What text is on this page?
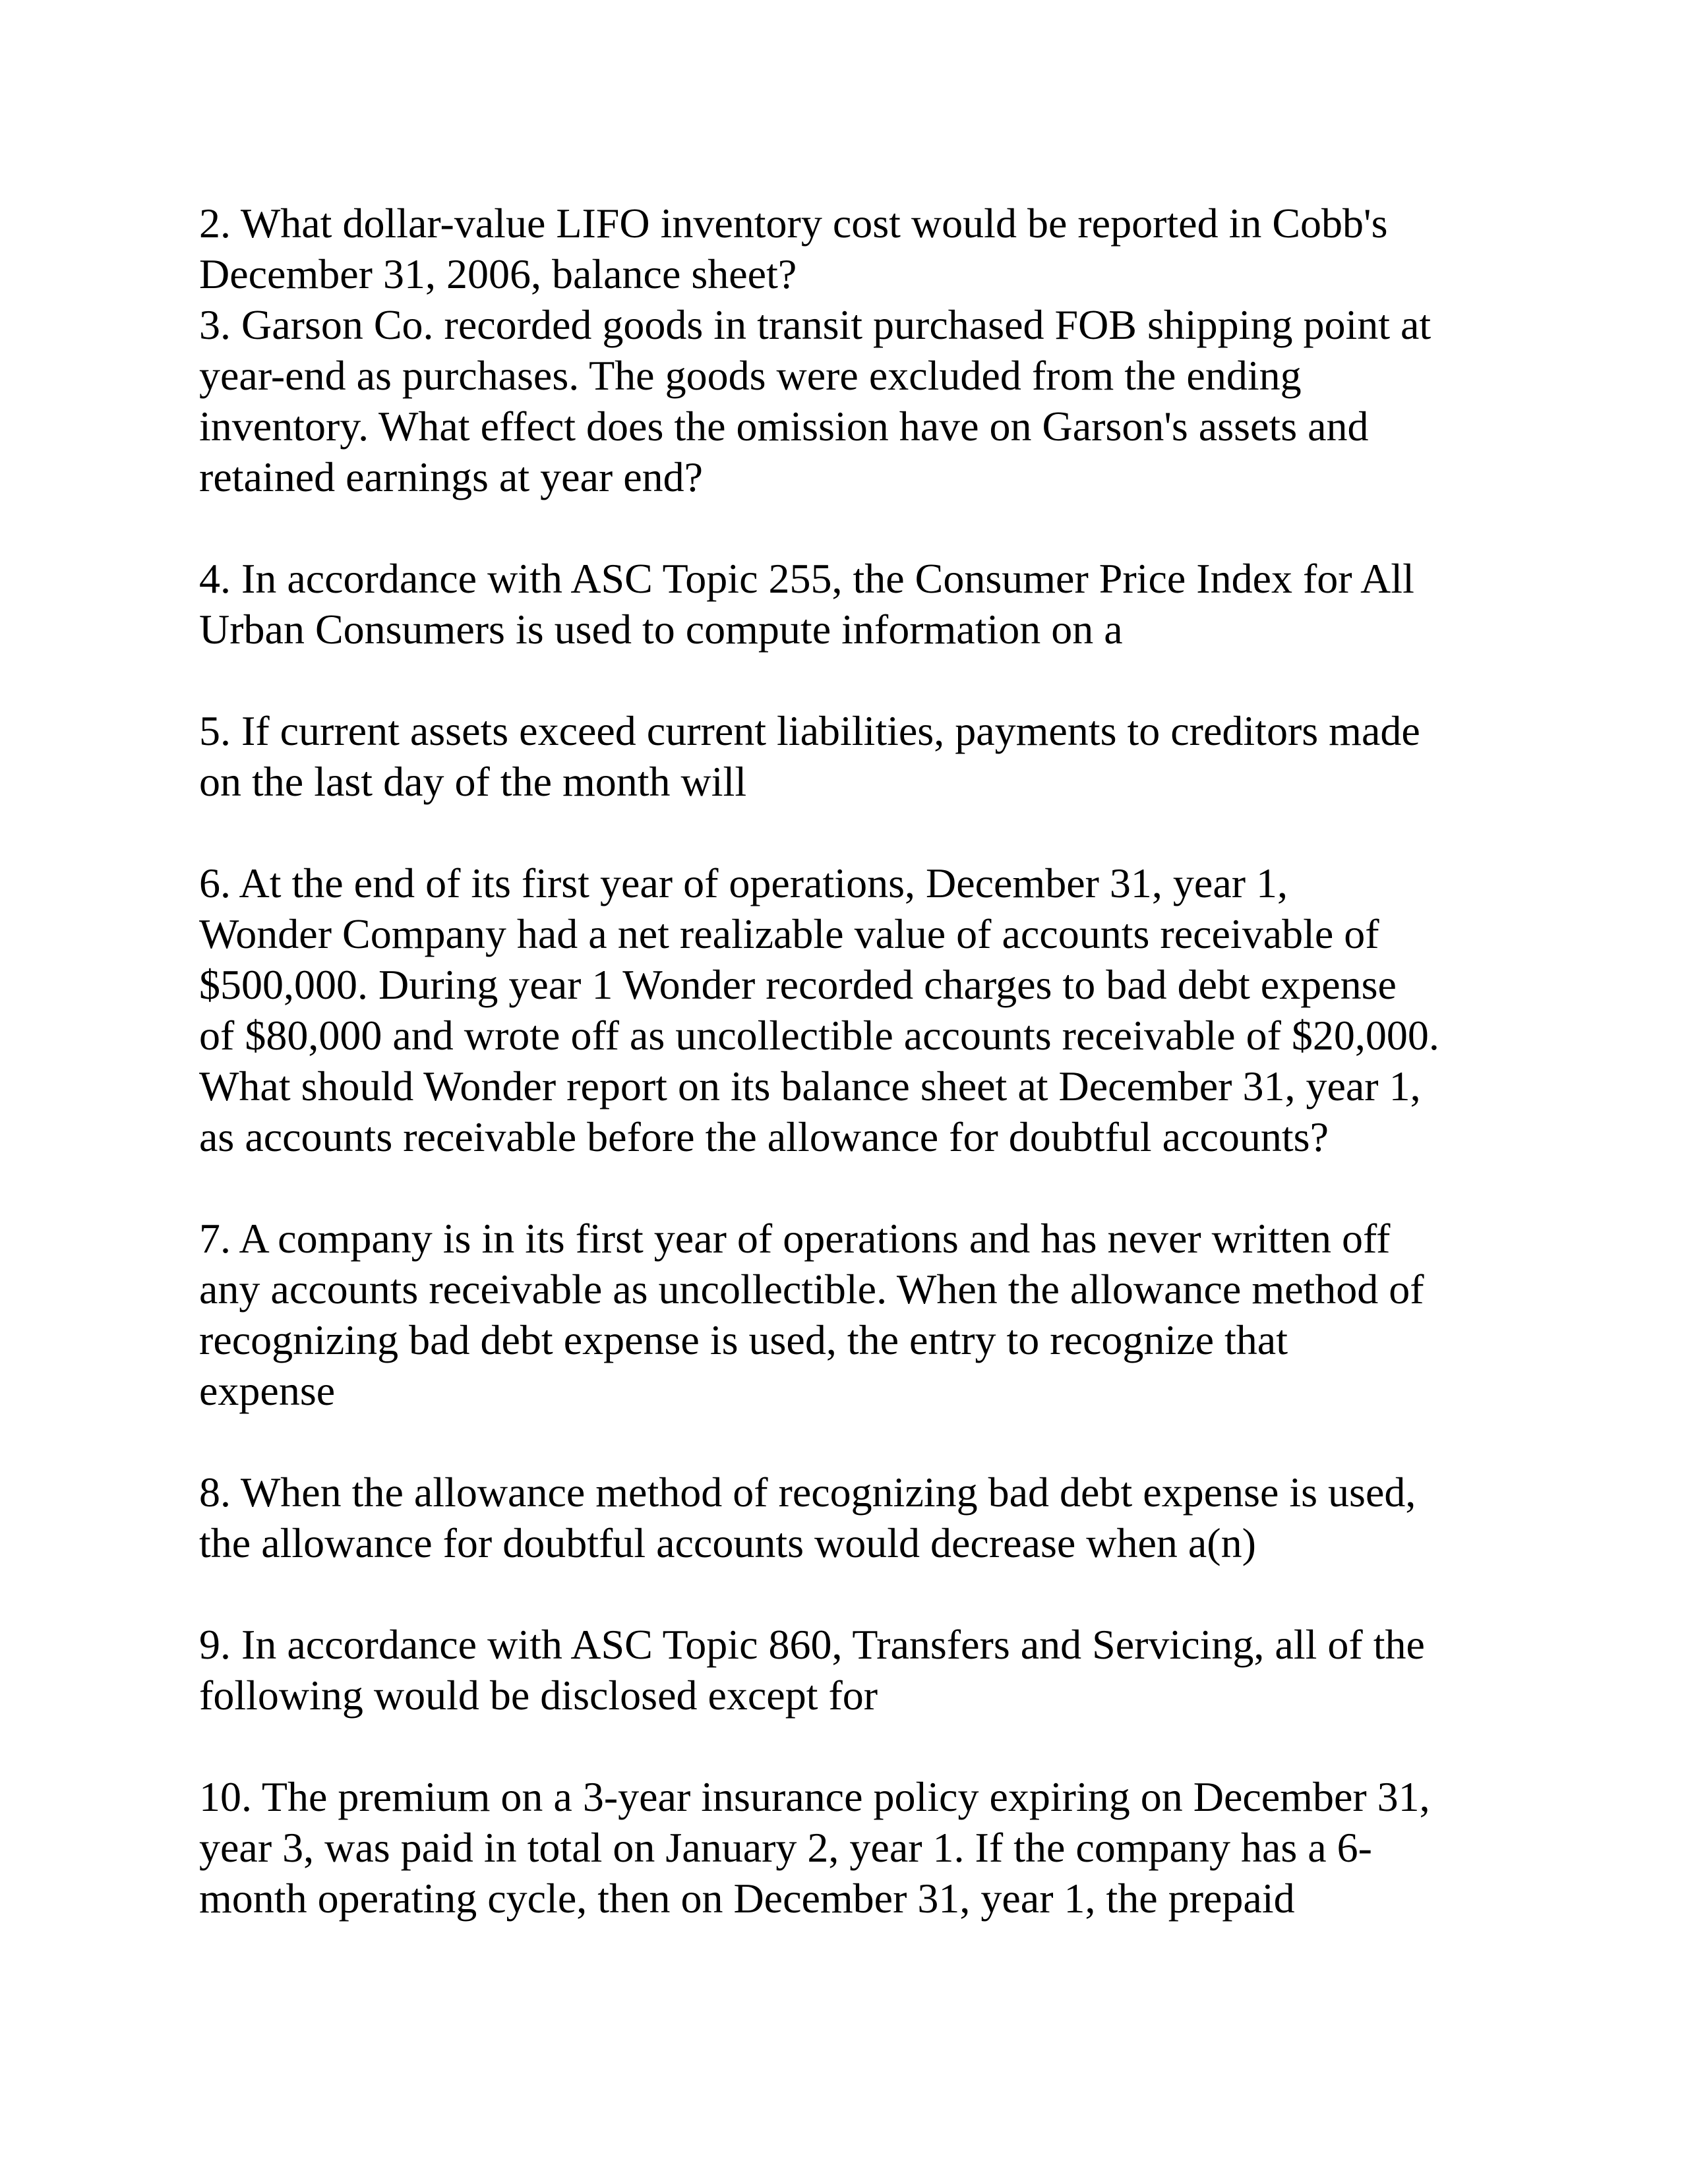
2. What dollar-value LIFO inventory cost would be reported in Cobb's
December 31, 2006, balance sheet?
3. Garson Co. recorded goods in transit purchased FOB shipping point at
year-end as purchases. The goods were excluded from the ending
inventory. What effect does the omission have on Garson's assets and
retained earnings at year end?
4. In accordance with ASC Topic 255, the Consumer Price Index for All
Urban Consumers is used to compute information on a
5. If current assets exceed current liabilities, payments to creditors made
on the last day of the month will
6. At the end of its first year of operations, December 31, year 1,
Wonder Company had a net realizable value of accounts receivable of
$500,000. During year 1 Wonder recorded charges to bad debt expense
of $80,000 and wrote off as uncollectible accounts receivable of $20,000.
What should Wonder report on its balance sheet at December 31, year 1,
as accounts receivable before the allowance for doubtful accounts?
7. A company is in its first year of operations and has never written off
any accounts receivable as uncollectible. When the allowance method of
recognizing bad debt expense is used, the entry to recognize that
expense
8. When the allowance method of recognizing bad debt expense is used,
the allowance for doubtful accounts would decrease when a(n)
9. In accordance with ASC Topic 860, Transfers and Servicing, all of the
following would be disclosed except for
10. The premium on a 3-year insurance policy expiring on December 31,
year 3, was paid in total on January 2, year 1. If the company has a 6-
month operating cycle, then on December 31, year 1, the prepaid
